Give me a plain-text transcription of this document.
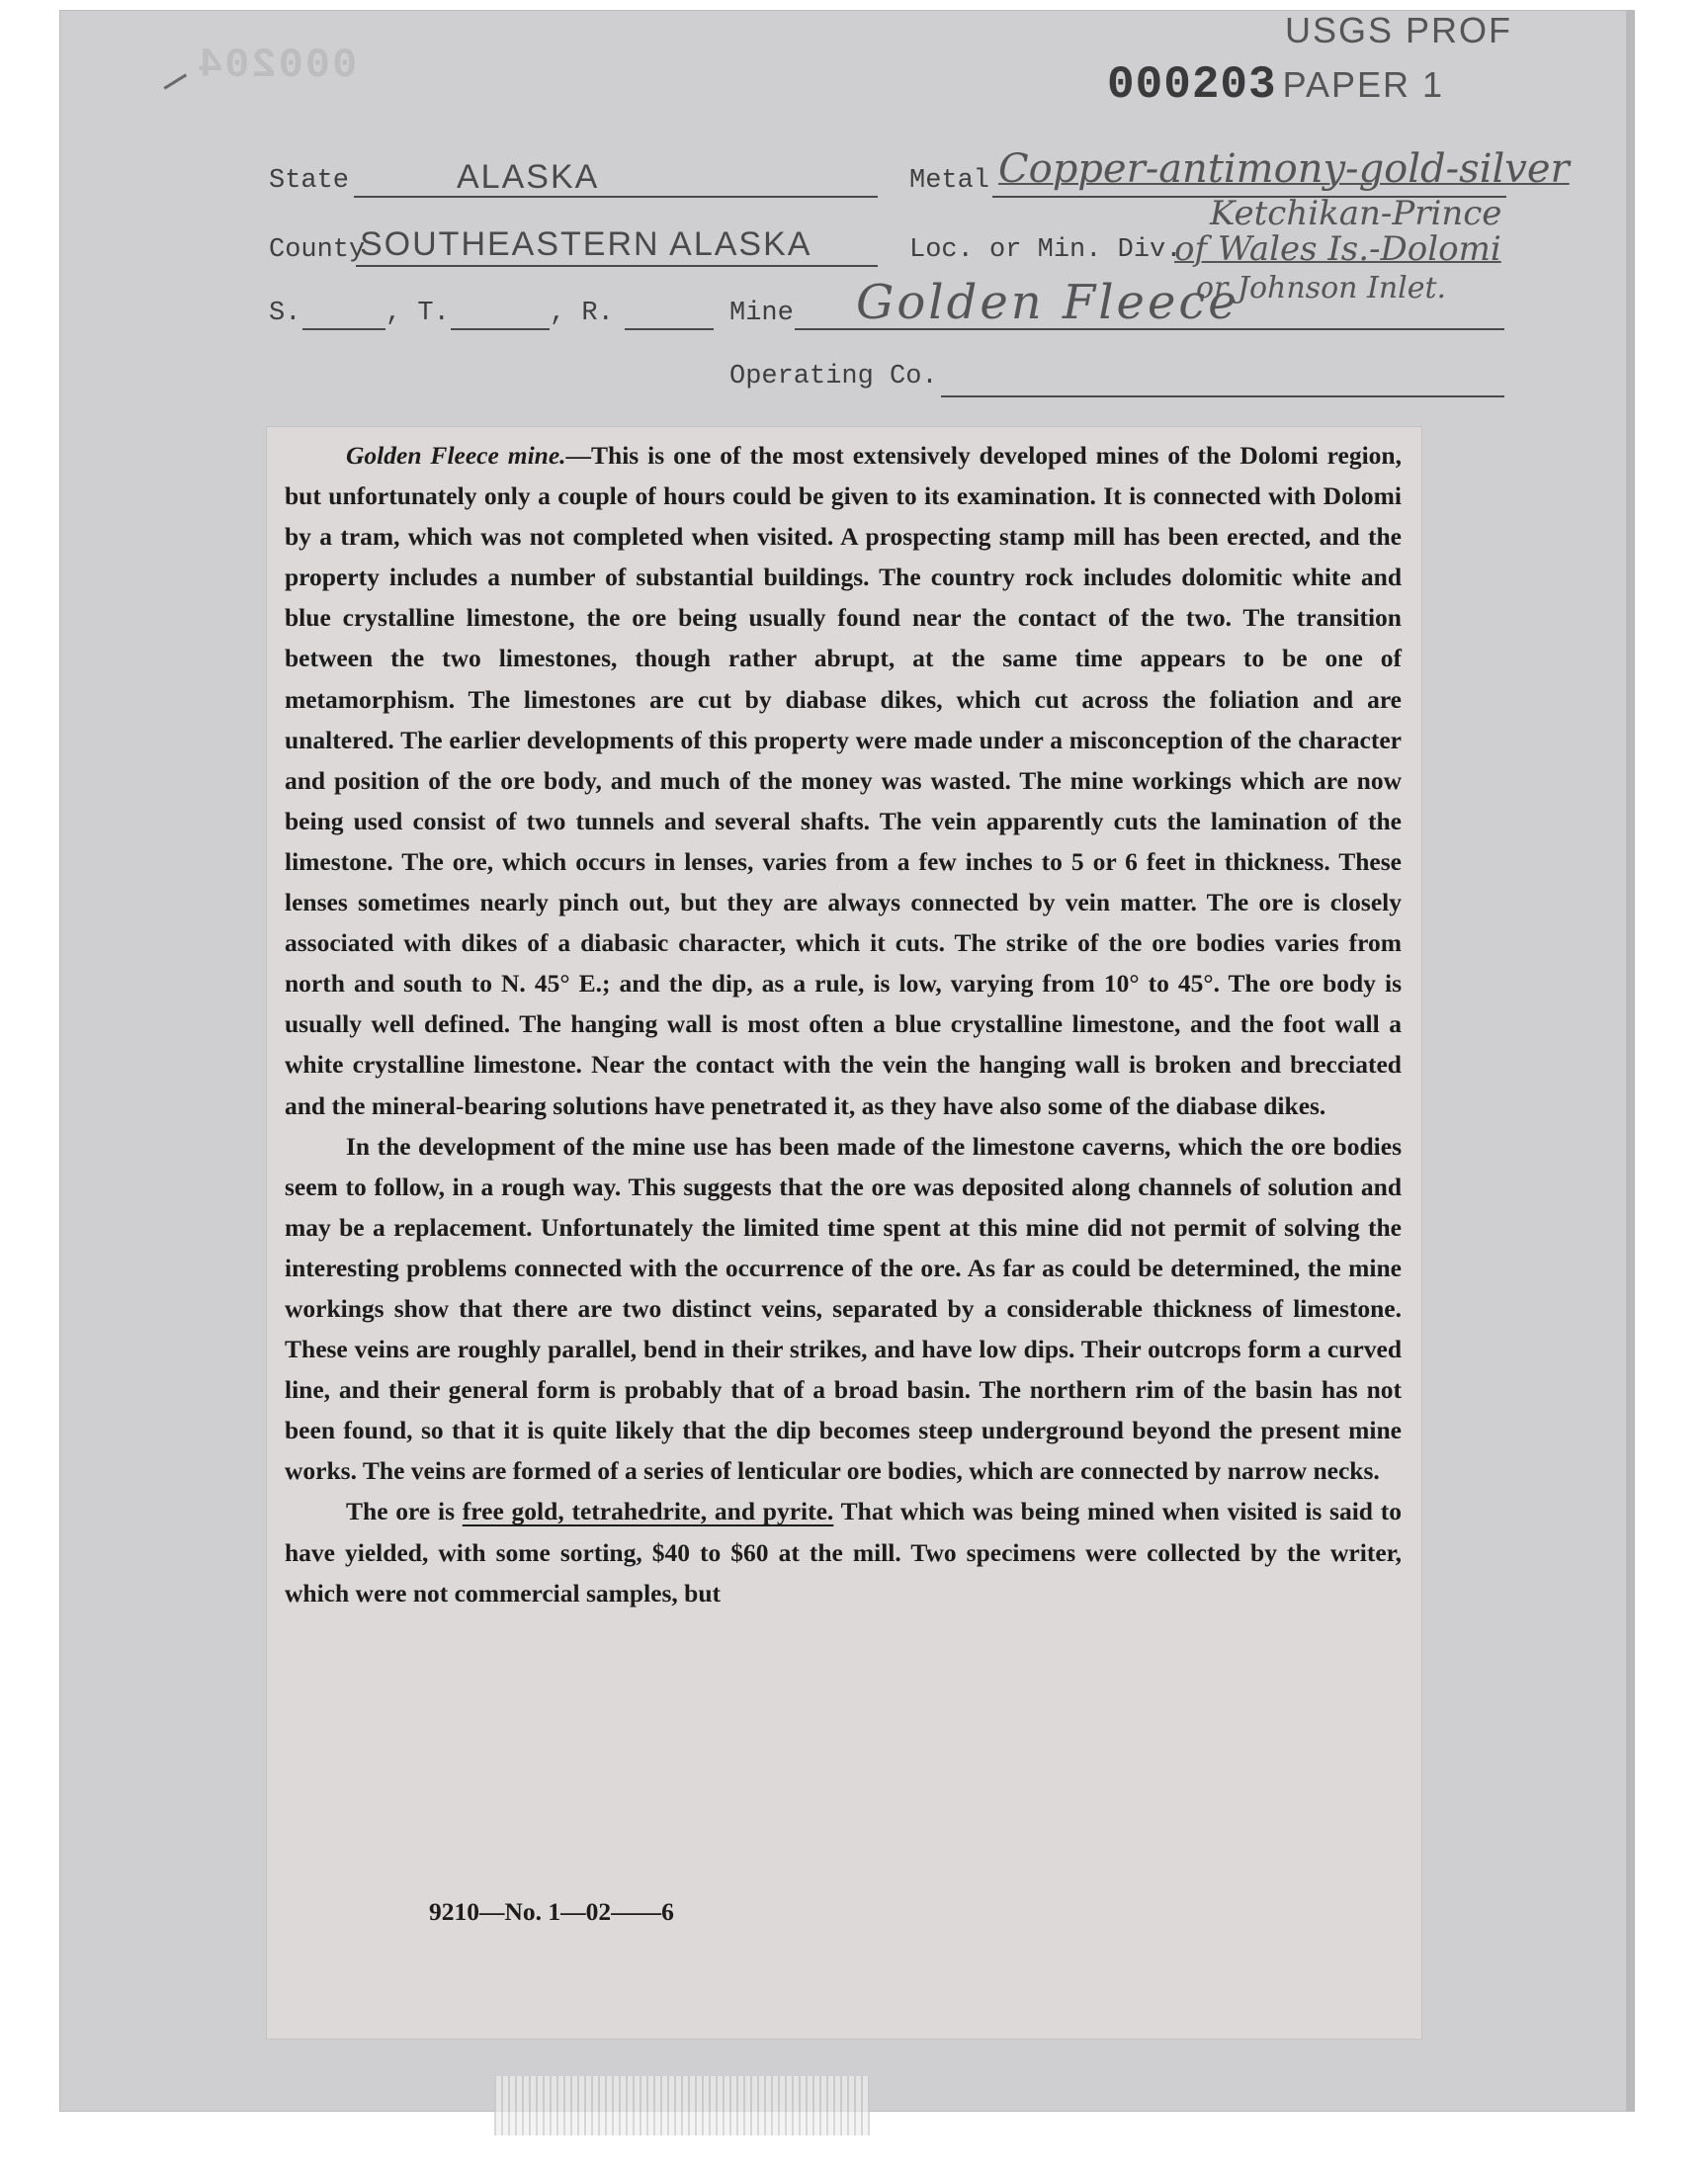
000204
USGS PROF
000203 PAPER 1
State	ALASKA	Metal Copper-antimony-gold-silver
County
SOUTHEASTERN ALASKA	Loc. or Min. Div.
Ketchikan-Prince
of Wales Is.-Dolomi
or Johnson Inlet.
S.	, T.	, R.	Mine Golden Fleece
Operating Co.

Golden Fleece mine.—This is one of the most extensively developed mines of the Dolomi region, but unfortunately only a couple of hours could be given to its examination. It is connected with Dolomi by a tram, which was not completed when visited. A prospecting stamp mill has been erected, and the property includes a number of substantial buildings. The country rock includes dolomitic white and blue crystalline limestone, the ore being usually found near the contact of the two. The transition between the two limestones, though rather abrupt, at the same time appears to be one of metamorphism. The limestones are cut by diabase dikes, which cut across the foliation and are unaltered. The earlier developments of this property were made under a misconception of the character and position of the ore body, and much of the money was wasted. The mine workings which are now being used consist of two tunnels and several shafts. The vein apparently cuts the lamination of the limestone. The ore, which occurs in lenses, varies from a few inches to 5 or 6 feet in thickness. These lenses sometimes nearly pinch out, but they are always connected by vein matter. The ore is closely associated with dikes of a diabasic character, which it cuts. The strike of the ore bodies varies from north and south to N. 45° E.; and the dip, as a rule, is low, varying from 10° to 45°. The ore body is usually well defined. The hanging wall is most often a blue crystalline limestone, and the foot wall a white crystalline limestone. Near the contact with the vein the hanging wall is broken and brecciated and the mineral-bearing solutions have penetrated it, as they have also some of the diabase dikes.

In the development of the mine use has been made of the limestone caverns, which the ore bodies seem to follow, in a rough way. This suggests that the ore was deposited along channels of solution and may be a replacement. Unfortunately the limited time spent at this mine did not permit of solving the interesting problems connected with the occurrence of the ore. As far as could be determined, the mine workings show that there are two distinct veins, separated by a considerable thickness of limestone. These veins are roughly parallel, bend in their strikes, and have low dips. Their outcrops form a curved line, and their general form is probably that of a broad basin. The northern rim of the basin has not been found, so that it is quite likely that the dip becomes steep underground beyond the present mine works. The veins are formed of a series of lenticular ore bodies, which are connected by narrow necks.

The ore is free gold, tetrahedrite, and pyrite. That which was being mined when visited is said to have yielded, with some sorting, $40 to $60 at the mill. Two specimens were collected by the writer, which were not commercial samples, but

9210—No. 1—02——6
